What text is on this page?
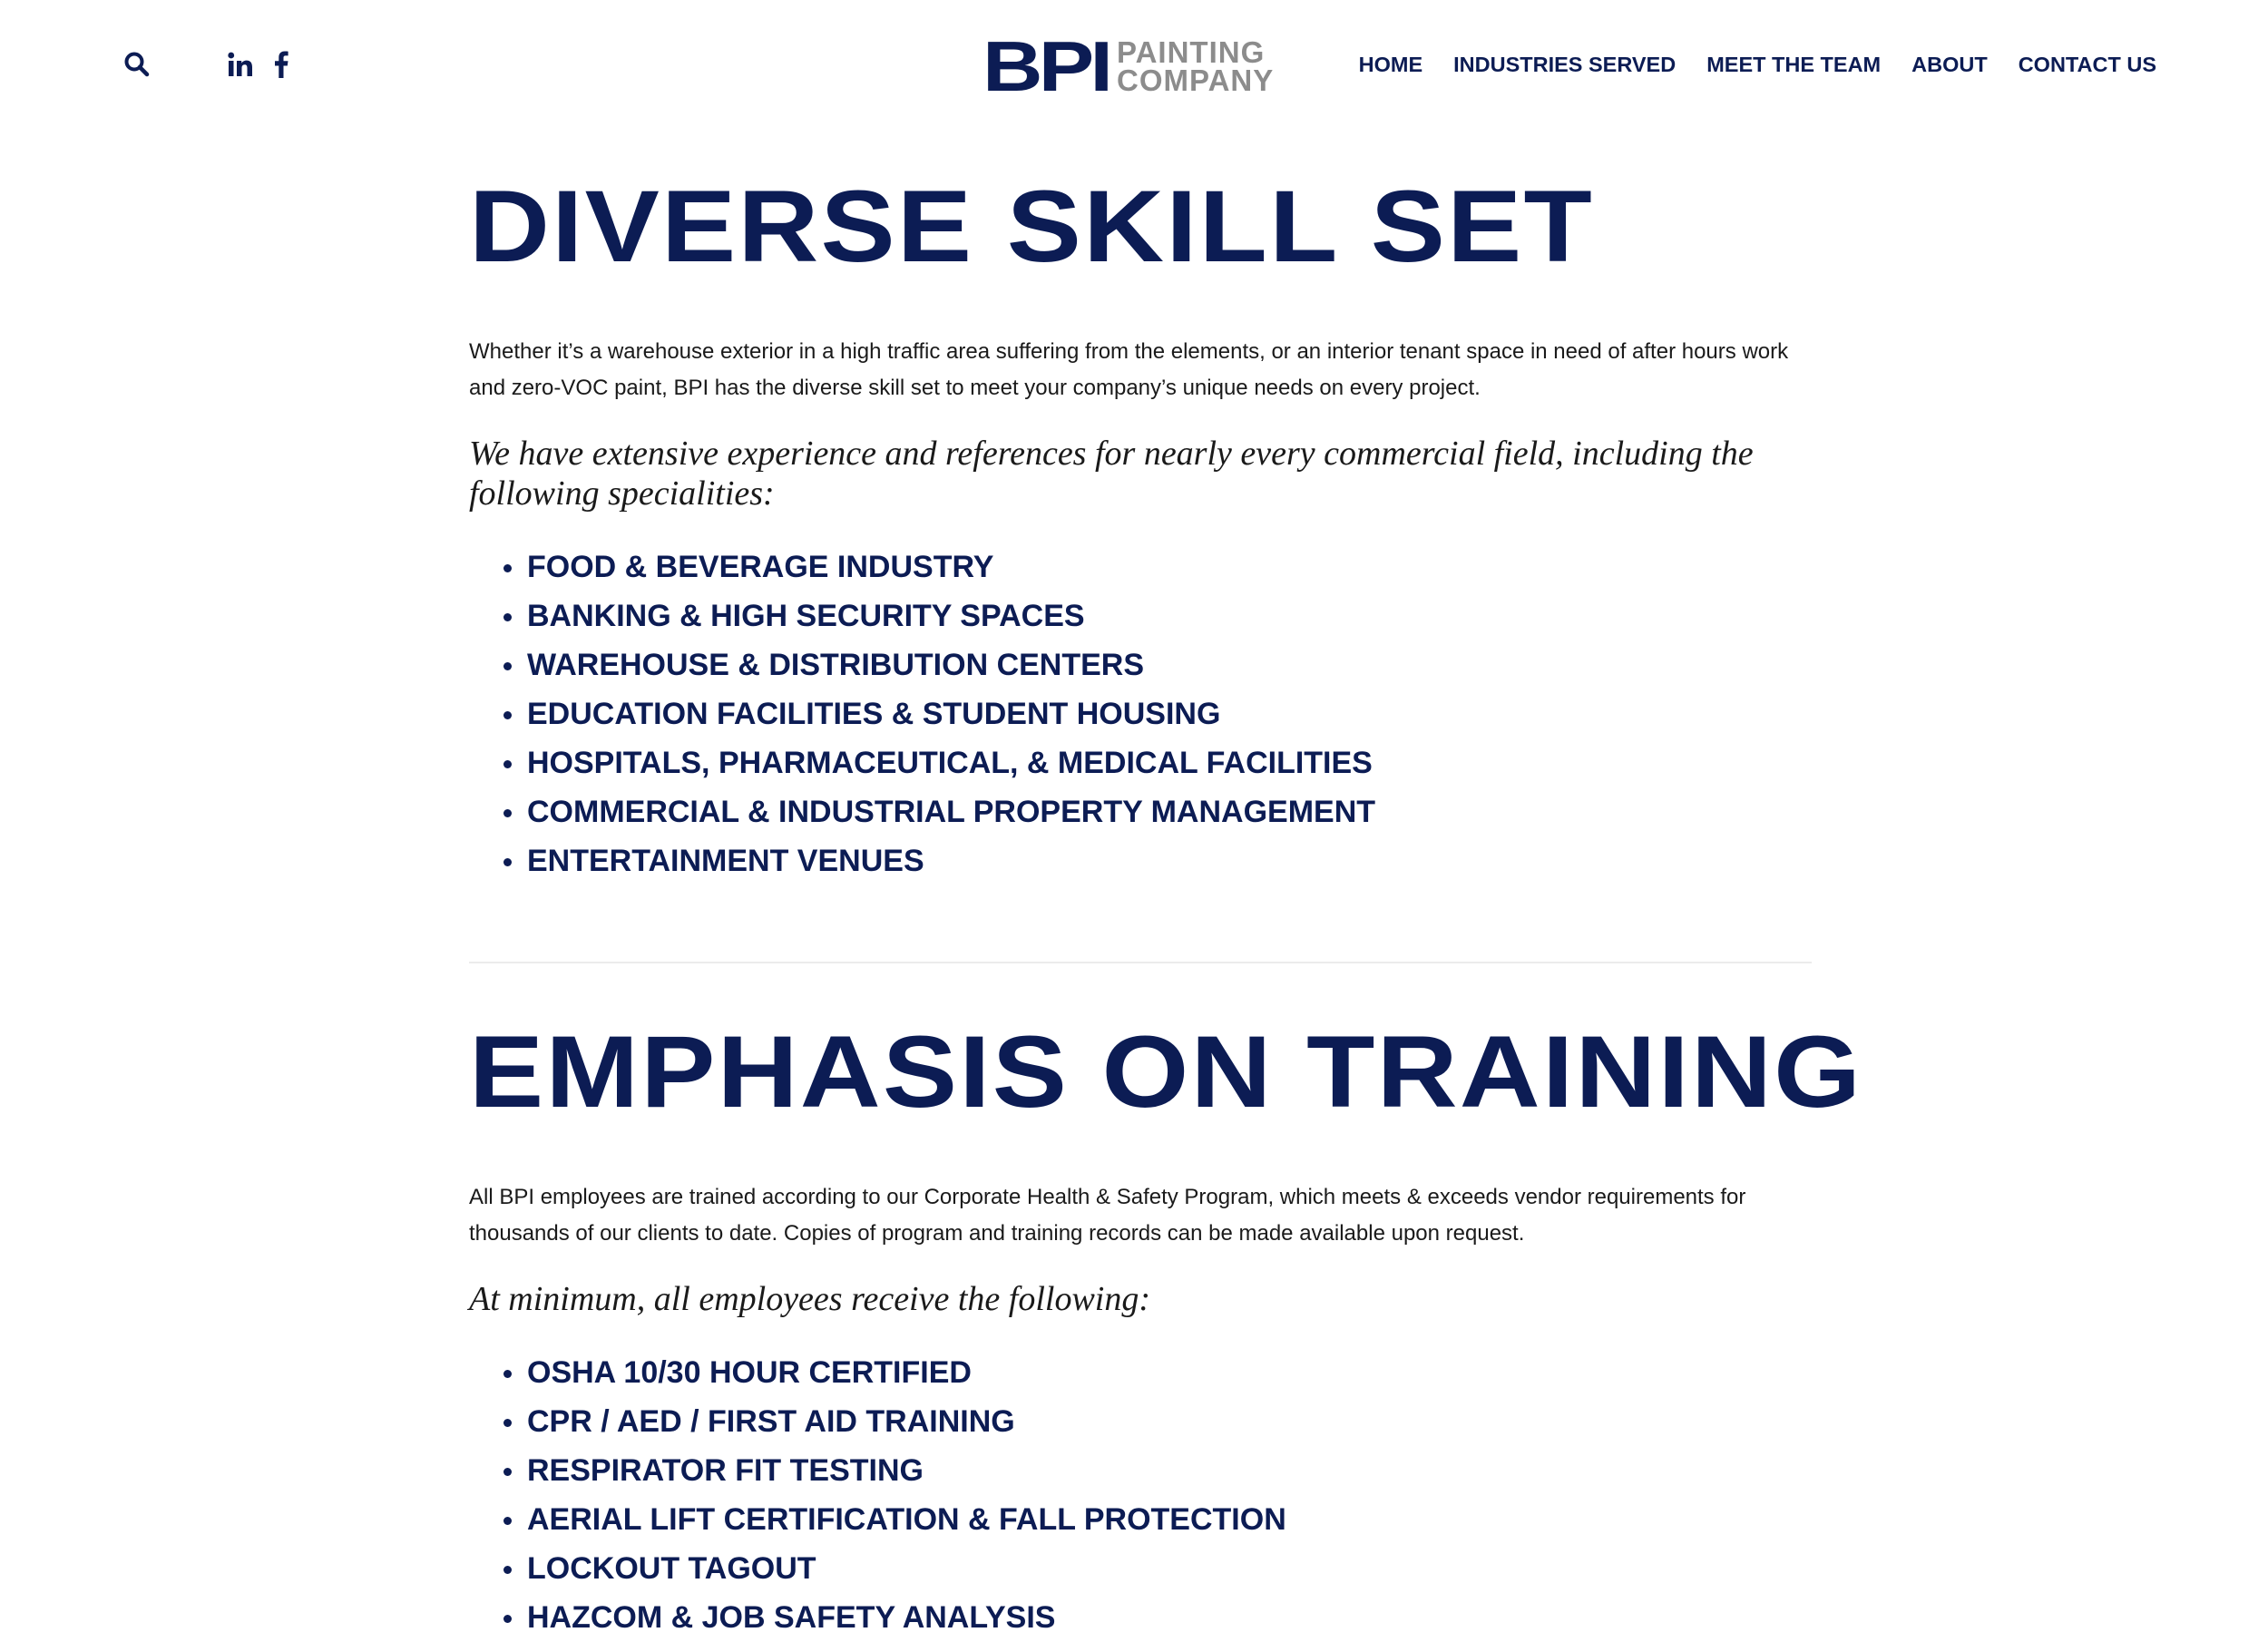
BPI PAINTING
COMPANY	HOME INDUSTRIES SERVED MEET THE TEAM ABOUT CONTACT US
DIVERSE SKILL SET

Whether it’s a warehouse exterior in a high traffic area suffering from the elements, or an interior tenant space in need of after hours work and zero-VOC paint, BPI has the diverse skill set to meet your company’s unique needs on every project.

We have extensive experience and references for nearly every commercial field, including the following specialities:

FOOD & BEVERAGE INDUSTRY
BANKING & HIGH SECURITY SPACES
WAREHOUSE & DISTRIBUTION CENTERS
EDUCATION FACILITIES & STUDENT HOUSING
HOSPITALS, PHARMACEUTICAL, & MEDICAL FACILITIES
COMMERCIAL & INDUSTRIAL PROPERTY MANAGEMENT
ENTERTAINMENT VENUES
EMPHASIS ON TRAINING

All BPI employees are trained according to our Corporate Health & Safety Program, which meets & exceeds vendor requirements for thousands of our clients to date. Copies of program and training records can be made available upon request.

At minimum, all employees receive the following:

OSHA 10/30 HOUR CERTIFIED
CPR / AED / FIRST AID TRAINING
RESPIRATOR FIT TESTING
AERIAL LIFT CERTIFICATION & FALL PROTECTION
LOCKOUT TAGOUT
HAZCOM & JOB SAFETY ANALYSIS
